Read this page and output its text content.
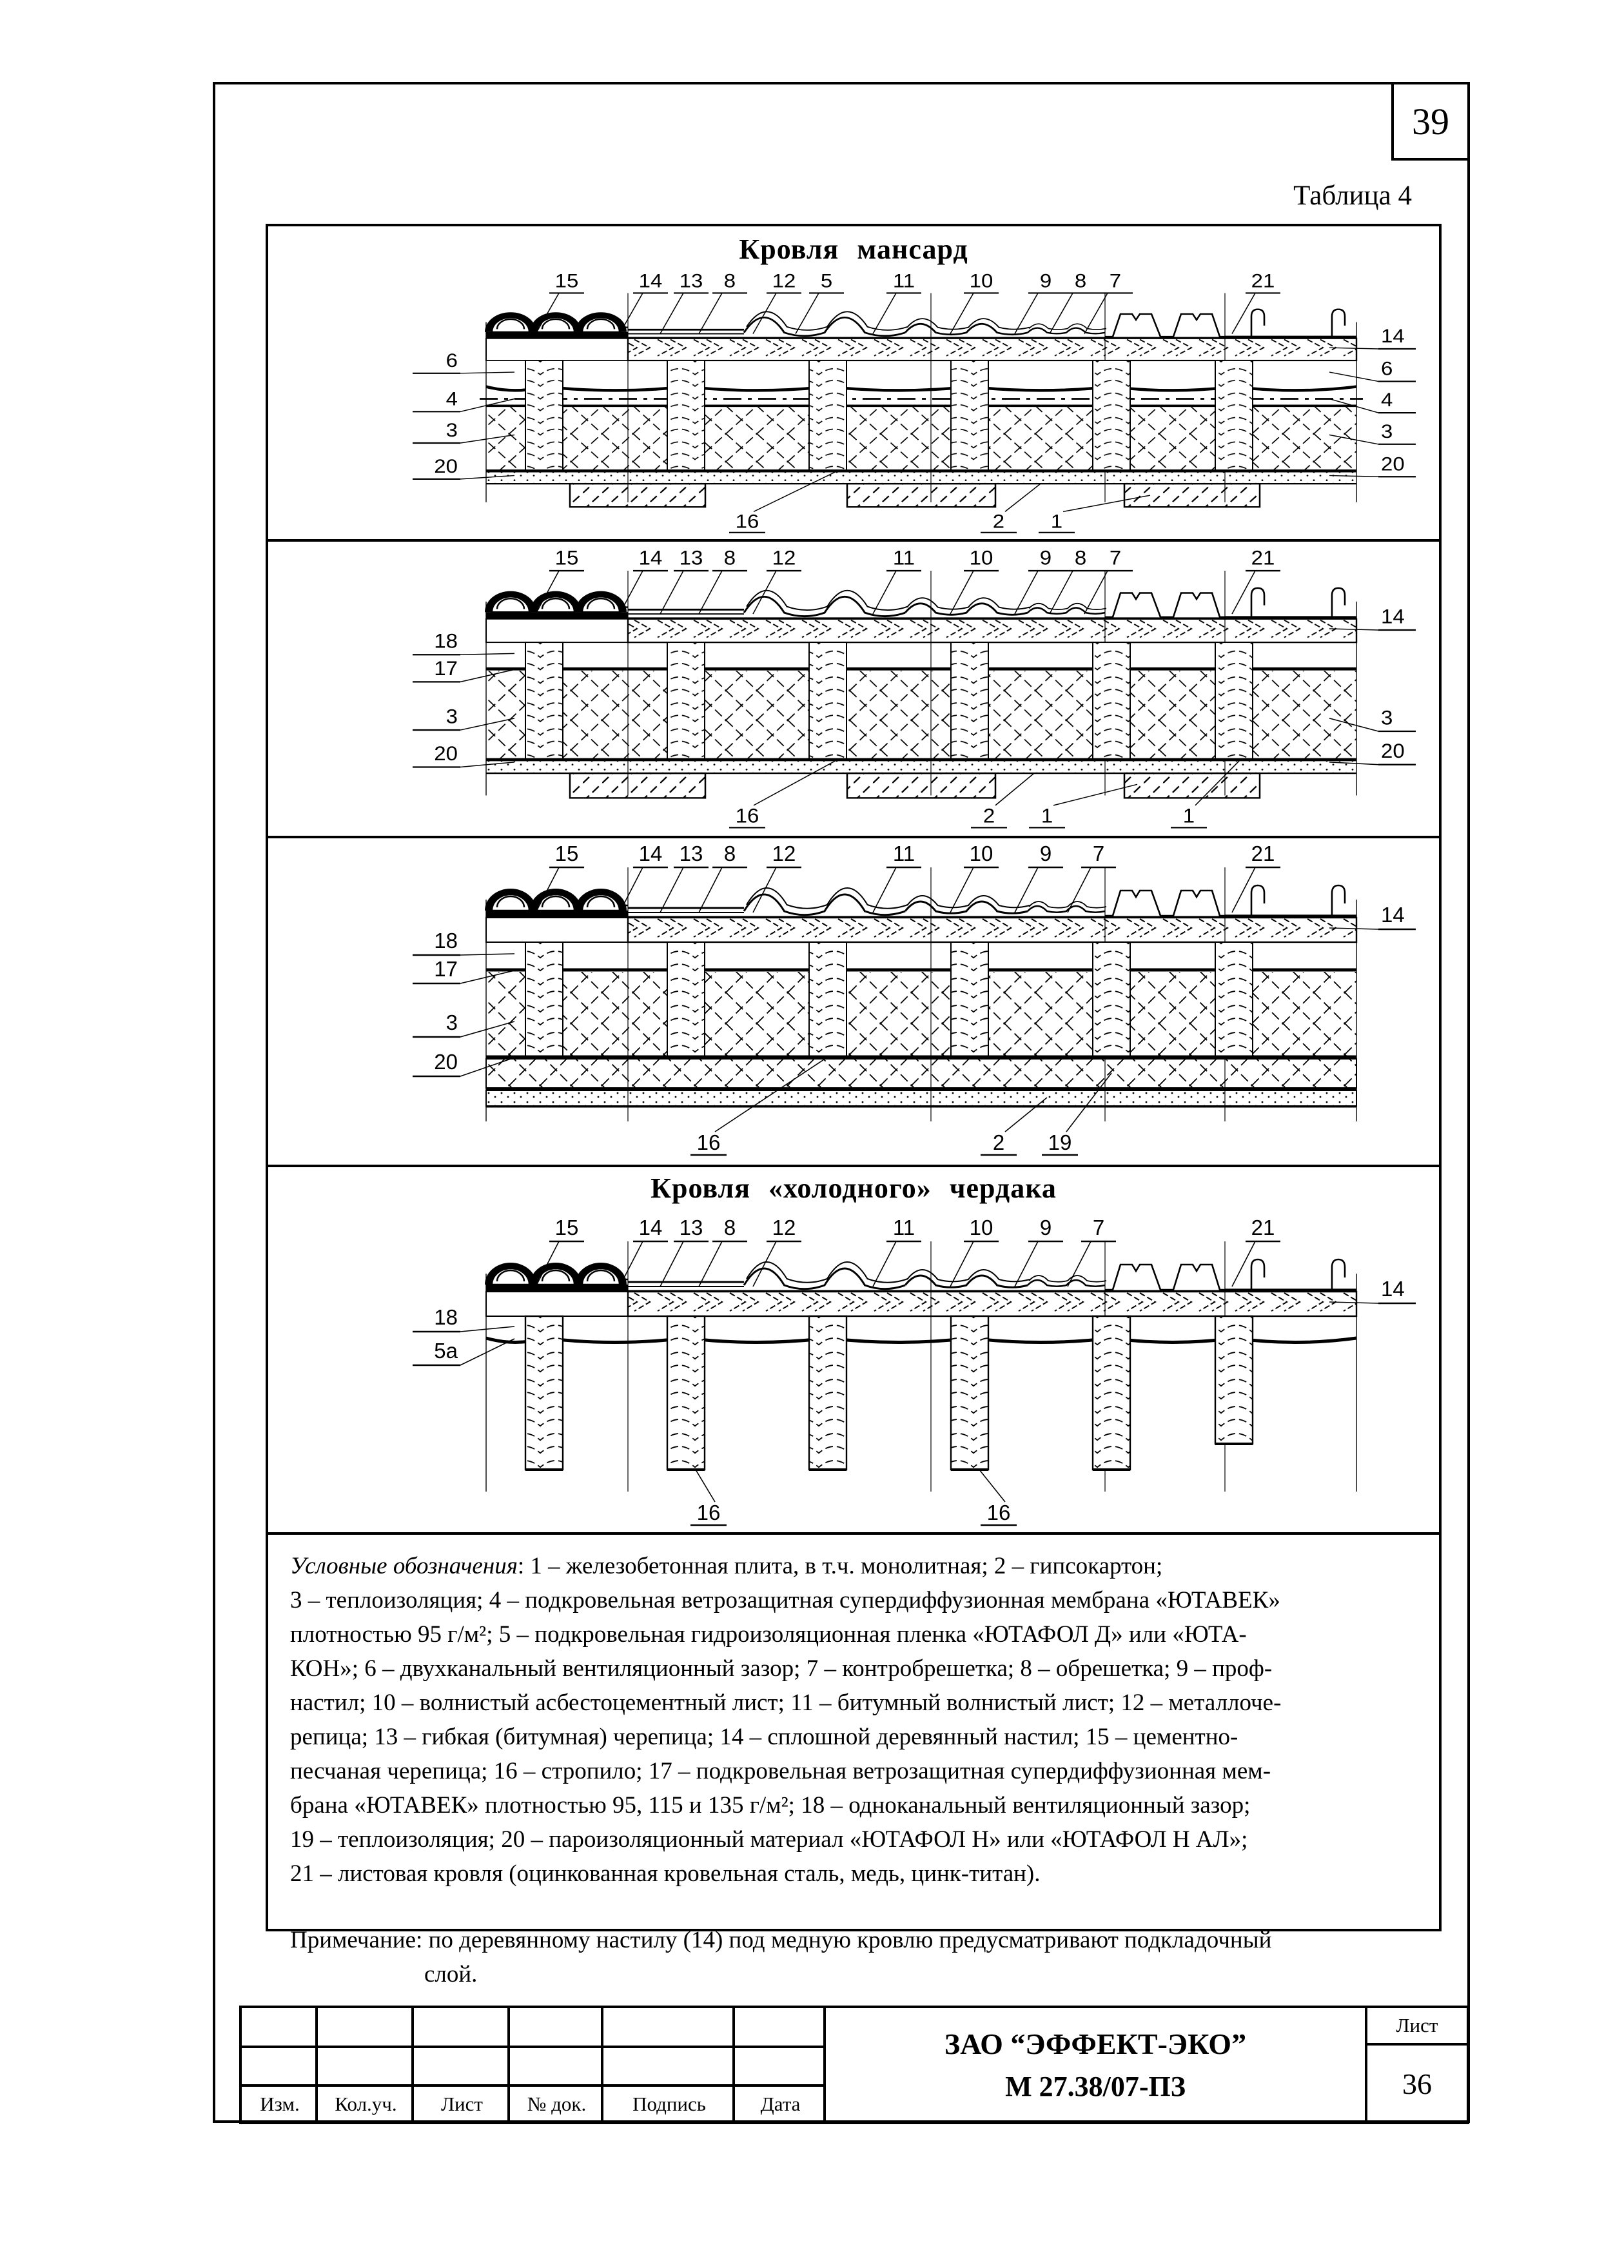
39
Таблица 4
Кровля мансард
15	14 13 8 12 5	11	10 9 8 7	21
6
4
3
20
14
6
4
3
20
16	2 1
15	14 13 8 12	11	10 9 8 7	21
18
17
3
20
14
3
20
16	2 1	1
15	14 13 8 12	11	10 9 7	21
18
17
3
20
14
16	2 19
Кровля «холодного» чердака
15	14 13 8 12	11	10 9 7	21
18
5а
14
16	16
Условные обозначения: 1 – железобетонная плита, в т.ч. монолитная; 2 – гипсокартон;
3 – теплоизоляция; 4 – подкровельная ветрозащитная супердиффузионная мембрана «ЮТАВЕК»
плотностью 95 г/м²; 5 – подкровельная гидроизоляционная пленка «ЮТАФОЛ Д» или «ЮТА-
КОН»; 6 – двухканальный вентиляционный зазор; 7 – контробрешетка; 8 – обрешетка; 9 – проф-
настил; 10 – волнистый асбестоцементный лист; 11 – битумный волнистый лист; 12 – металлоче-
репица; 13 – гибкая (битумная) черепица; 14 – сплошной деревянный настил; 15 – цементно-
песчаная черепица; 16 – стропило; 17 – подкровельная ветрозащитная супердиффузионная мем-
брана «ЮТАВЕК» плотностью 95, 115 и 135 г/м²; 18 – одноканальный вентиляционный зазор;
19 – теплоизоляция; 20 – пароизоляционный материал «ЮТАФОЛ Н» или «ЮТАФОЛ Н АЛ»;
21 – листовая кровля (оцинкованная кровельная сталь, медь, цинк-титан).
Примечание: по деревянному настилу (14) под медную кровлю предусматривают подкладочный
слой.
Изм.	Кол.уч.	Лист	№ док.	Подпись	Дата
ЗАО “ЭФФЕКТ-ЭКО”
М 27.38/07-ПЗ
Лист
36
